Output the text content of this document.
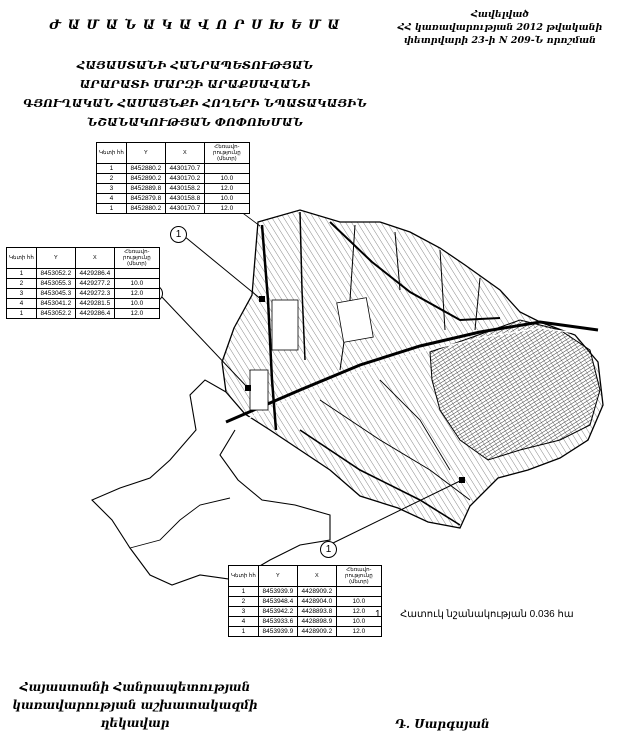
Ժ Ա Մ Ա Ն Ա Կ Ա Վ Ո Ր Ս Խ Ե Մ Ա
ՀԱՅԱՍՏԱՆԻ ՀԱՆՐԱՊԵՏՈՒԹՅԱՆ
ԱՐԱՐԱՏԻ ՄԱՐԶԻ ԱՐԱՔՍԱՎԱՆԻ
ԳՅՈՒՂԱԿԱՆ ՀԱՄԱՅՆՔԻ ՀՈՂԵՐԻ ՆՊԱՏԱԿԱՅԻՆ
ՆՇԱՆԱԿՈՒԹՅԱՆ ՓՈՓՈԽՄԱՆ
Հավելված
ՀՀ կառավարության 2012 թվականի
փետրվարի 23-ի N 209-Ն որոշման
1
1
Կետի հհ	Y	X	Հեռավո-րությունը (մետր)
1	8452880.2	4430170.7	
2	8452890.2	4430170.2	10.0
3	8452889.8	4430158.2	12.0
4	8452879.8	4430158.8	10.0
1	8452880.2	4430170.7	12.0
Կետի հհ	Y	X	Հեռավո-րությունը (մետր)
1	8453052.2	4429286.4	
2	8453055.3	4429277.2	10.0
3	8453045.3	4429272.3	12.0
4	8453041.2	4429281.5	10.0
1	8453052.2	4429286.4	12.0
Կետի հհ	Y	X	Հեռավո-րությունը (մետր)
1	8453939.9	4428909.2	
2	8453948.4	4428904.0	10.0
3	8453942.2	4428893.8	12.0
4	8453933.6	4428898.9	10.0
1	8453939.9	4428909.2	12.0
1 Հատուկ նշանակության 0.036 հա
Հայաստանի Հանրապետության
կառավարության աշխատակազմի
ղեկավար	Դ. Սարգսյան
